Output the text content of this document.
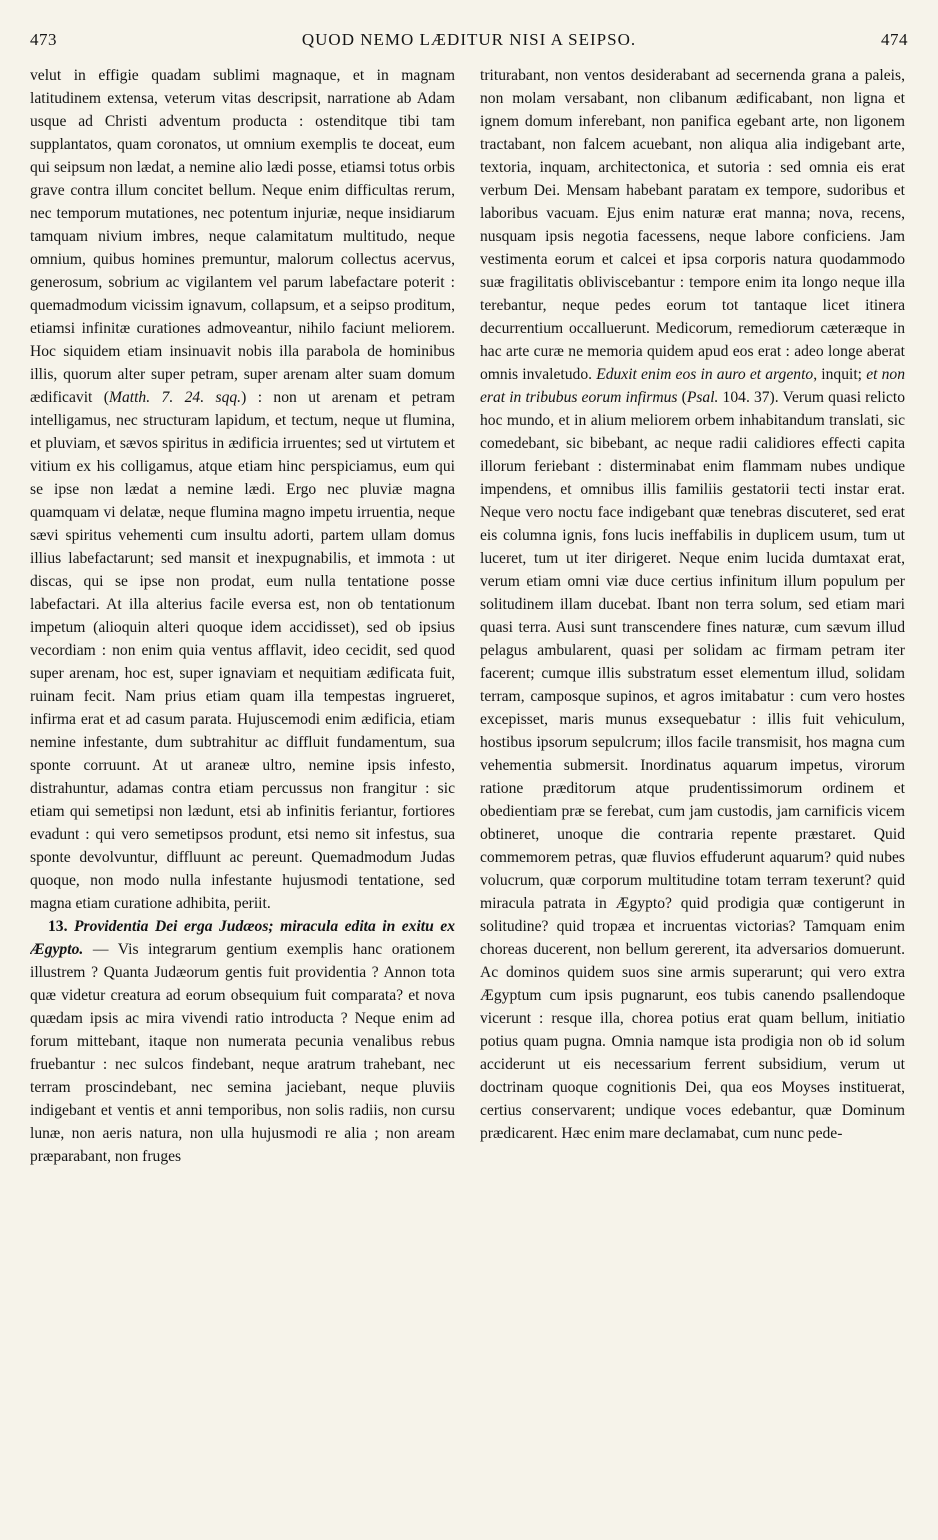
473	QUOD NEMO LÆDITUR NISI A SEIPSO.	474

velut in effigie quadam sublimi magnaque, et in magnam latitudinem extensa, veterum vitas descripsit, narratione ab Adam usque ad Christi adventum producta : ostenditque tibi tam supplantatos, quam coronatos, ut omnium exemplis te doceat, eum qui seipsum non lædat, a nemine alio lædi posse, etiamsi totus orbis grave contra illum concitet bellum. Neque enim difficultas rerum, nec temporum mutationes, nec potentum injuriæ, neque insidiarum tamquam nivium imbres, neque calamitatum multitudo, neque omnium, quibus homines premuntur, malorum collectus acervus, generosum, sobrium ac vigilantem vel parum labefactare poterit : quemadmodum vicissim ignavum, collapsum, et a seipso proditum, etiamsi infinitæ curationes admoveantur, nihilo faciunt meliorem. Hoc siquidem etiam insinuavit nobis illa parabola de hominibus illis, quorum alter super petram, super arenam alter suam domum ædificavit (Matth. 7. 24. sqq.) : non ut arenam et petram intelligamus, nec structuram lapidum, et tectum, neque ut flumina, et pluviam, et sævos spiritus in ædificia irruentes; sed ut virtutem et vitium ex his colligamus, atque etiam hinc perspiciamus, eum qui se ipse non lædat a nemine lædi. Ergo nec pluviæ magna quamquam vi delatæ, neque flumina magno impetu irruentia, neque sævi spiritus vehementi cum insultu adorti, partem ullam domus illius labefactarunt; sed mansit et inexpugnabilis, et immota : ut discas, qui se ipse non prodat, eum nulla tentatione posse labefactari. At illa alterius facile eversa est, non ob tentationum impetum (alioquin alteri quoque idem accidisset), sed ob ipsius vecordiam : non enim quia ventus afflavit, ideo cecidit, sed quod super arenam, hoc est, super ignaviam et nequitiam ædificata fuit, ruinam fecit. Nam prius etiam quam illa tempestas ingrueret, infirma erat et ad casum parata. Hujuscemodi enim ædificia, etiam nemine infestante, dum subtrahitur ac diffluit fundamentum, sua sponte corruunt. At ut araneæ ultro, nemine ipsis infesto, distrahuntur, adamas contra etiam percussus non frangitur : sic etiam qui semetipsi non lædunt, etsi ab infinitis feriantur, fortiores evadunt : qui vero semetipsos produnt, etsi nemo sit infestus, sua sponte devolvuntur, diffluunt ac pereunt. Quemadmodum Judas quoque, non modo nulla infestante hujusmodi tentatione, sed magna etiam curatione adhibita, periit.

13. Providentia Dei erga Judæos; miracula edita in exitu ex Ægypto. — Vis integrarum gentium exemplis hanc orationem illustrem ? Quanta Judæorum gentis fuit providentia ? Annon tota quæ videtur creatura ad eorum obsequium fuit comparata? et nova quædam ipsis ac mira vivendi ratio introducta ? Neque enim ad forum mittebant, itaque non numerata pecunia venalibus rebus fruebantur : nec sulcos findebant, neque aratrum trahebant, nec terram proscindebant, nec semina jaciebant, neque pluviis indigebant et ventis et anni temporibus, non solis radiis, non cursu lunæ, non aeris natura, non ulla hujusmodi re alia ; non aream præparabant, non fruges

triturabant, non ventos desiderabant ad secernenda grana a paleis, non molam versabant, non clibanum ædificabant, non ligna et ignem domum inferebant, non panifica egebant arte, non ligonem tractabant, non falcem acuebant, non aliqua alia indigebant arte, textoria, inquam, architectonica, et sutoria : sed omnia eis erat verbum Dei. Mensam habebant paratam ex tempore, sudoribus et laboribus vacuam. Ejus enim naturæ erat manna; nova, recens, nusquam ipsis negotia facessens, neque labore conficiens. Jam vestimenta eorum et calcei et ipsa corporis natura quodammodo suæ fragilitatis obliviscebantur : tempore enim ita longo neque illa terebantur, neque pedes eorum tot tantaque licet itinera decurrentium occalluerunt. Medicorum, remediorum cæteræque in hac arte curæ ne memoria quidem apud eos erat : adeo longe aberat omnis invaletudo. Eduxit enim eos in auro et argento, inquit; et non erat in tribubus eorum infirmus (Psal. 104. 37). Verum quasi relicto hoc mundo, et in alium meliorem orbem inhabitandum translati, sic comedebant, sic bibebant, ac neque radii calidiores effecti capita illorum feriebant : disterminabat enim flammam nubes undique impendens, et omnibus illis familiis gestatorii tecti instar erat. Neque vero noctu face indigebant quæ tenebras discuteret, sed erat eis columna ignis, fons lucis ineffabilis in duplicem usum, tum ut luceret, tum ut iter dirigeret. Neque enim lucida dumtaxat erat, verum etiam omni viæ duce certius infinitum illum populum per solitudinem illam ducebat. Ibant non terra solum, sed etiam mari quasi terra. Ausi sunt transcendere fines naturæ, cum sævum illud pelagus ambularent, quasi per solidam ac firmam petram iter facerent; cumque illis substratum esset elementum illud, solidam terram, camposque supinos, et agros imitabatur : cum vero hostes excepisset, maris munus exsequebatur : illis fuit vehiculum, hostibus ipsorum sepulcrum; illos facile transmisit, hos magna cum vehementia submersit. Inordinatus aquarum impetus, virorum ratione præditorum atque prudentissimorum ordinem et obedientiam præ se ferebat, cum jam custodis, jam carnificis vicem obtineret, unoque die contraria repente præstaret. Quid commemorem petras, quæ fluvios effuderunt aquarum? quid nubes volucrum, quæ corporum multitudine totam terram texerunt? quid miracula patrata in Ægypto? quid prodigia quæ contigerunt in solitudine? quid tropæa et incruentas victorias? Tamquam enim choreas ducerent, non bellum gererent, ita adversarios domuerunt. Ac dominos quidem suos sine armis superarunt; qui vero extra Ægyptum cum ipsis pugnarunt, eos tubis canendo psallendoque vicerunt : resque illa, chorea potius erat quam bellum, initiatio potius quam pugna. Omnia namque ista prodigia non ob id solum acciderunt ut eis necessarium ferrent subsidium, verum ut doctrinam quoque cognitionis Dei, qua eos Moyses instituerat, certius conservarent; undique voces edebantur, quæ Dominum prædicarent. Hæc enim mare declamabat, cum nunc pede-
